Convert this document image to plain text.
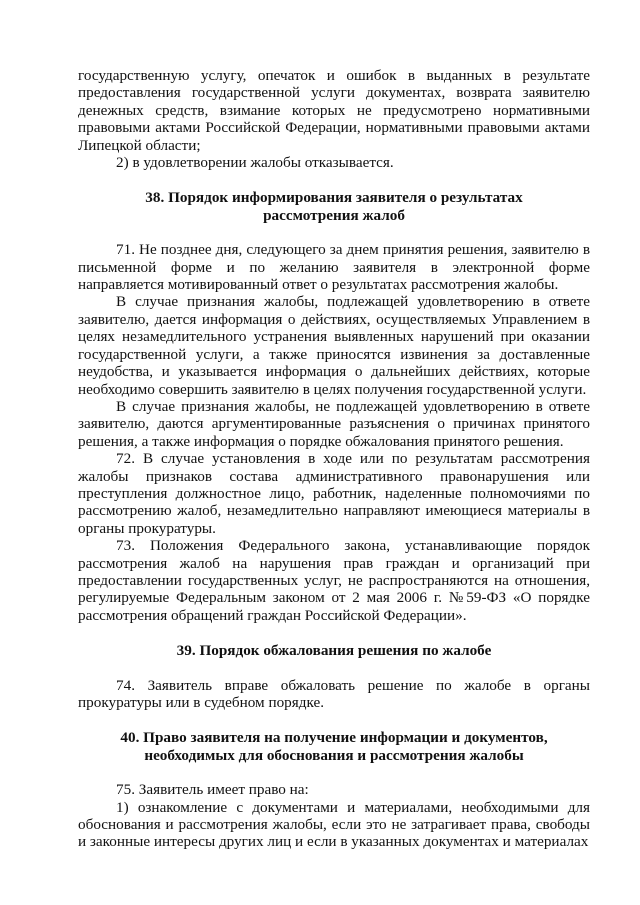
государственную услугу, опечаток и ошибок в выданных в результате предоставления государственной услуги документах, возврата заявителю денежных средств, взимание которых не предусмотрено нормативными правовыми актами Российской Федерации, нормативными правовыми актами Липецкой области;

2) в удовлетворении жалобы отказывается.

38. Порядок информирования заявителя о результатах
рассмотрения жалоб

71. Не позднее дня, следующего за днем принятия решения, заявителю в письменной форме и по желанию заявителя в электронной форме направляется мотивированный ответ о результатах рассмотрения жалобы.

В случае признания жалобы, подлежащей удовлетворению в ответе заявителю, дается информация о действиях, осуществляемых Управлением в целях незамедлительного устранения выявленных нарушений при оказании государственной услуги, а также приносятся извинения за доставленные неудобства, и указывается информация о дальнейших действиях, которые необходимо совершить заявителю в целях получения государственной услуги.

В случае признания жалобы, не подлежащей удовлетворению в ответе заявителю, даются аргументированные разъяснения о причинах принятого решения, а также информация о порядке обжалования принятого решения.

72. В случае установления в ходе или по результатам рассмотрения жалобы признаков состава административного правонарушения или преступления должностное лицо, работник, наделенные полномочиями по рассмотрению жалоб, незамедлительно направляют имеющиеся материалы в органы прокуратуры.

73. Положения Федерального закона, устанавливающие порядок рассмотрения жалоб на нарушения прав граждан и организаций при предоставлении государственных услуг, не распространяются на отношения, регулируемые Федеральным законом от 2 мая 2006 г. №59-ФЗ «О порядке рассмотрения обращений граждан Российской Федерации».

39. Порядок обжалования решения по жалобе

74. Заявитель вправе обжаловать решение по жалобе в органы прокуратуры или в судебном порядке.

40. Право заявителя на получение информации и документов,
необходимых для обоснования и рассмотрения жалобы

75. Заявитель имеет право на:

1) ознакомление с документами и материалами, необходимыми для обоснования и рассмотрения жалобы, если это не затрагивает права, свободы и законные интересы других лиц и если в указанных документах и материалах
